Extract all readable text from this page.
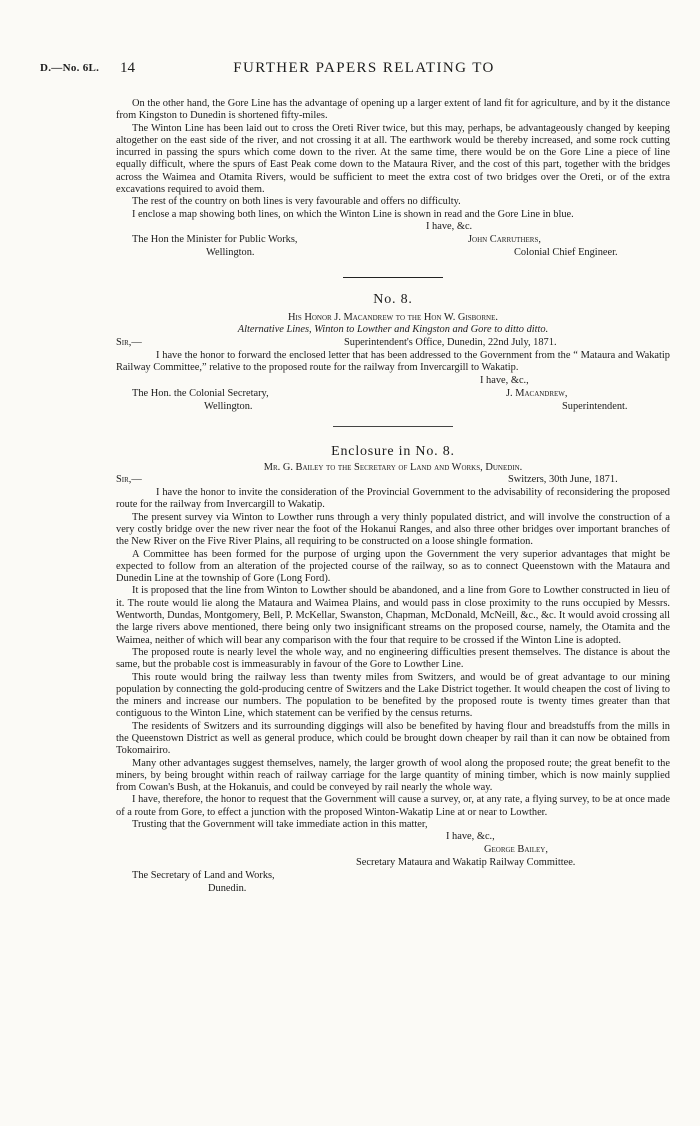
D.—No. 6L. 14	FURTHER PAPERS RELATING TO

On the other hand, the Gore Line has the advantage of opening up a larger extent of land fit for agriculture, and by it the distance from Kingston to Dunedin is shortened fifty-miles.

The Winton Line has been laid out to cross the Oreti River twice, but this may, perhaps, be advantageously changed by keeping altogether on the east side of the river, and not crossing it at all. The earthwork would be thereby increased, and some rock cutting incurred in passing the spurs which come down to the river. At the same time, there would be on the Gore Line a piece of line equally difficult, where the spurs of East Peak come down to the Mataura River, and the cost of this part, together with the bridges across the Waimea and Otamita Rivers, would be sufficient to meet the extra cost of two bridges over the Oreti, or of the extra excavations required to avoid them.

The rest of the country on both lines is very favourable and offers no difficulty.

I enclose a map showing both lines, on which the Winton Line is shown in read and the Gore Line in blue.

I have, &c.
The Hon the Minister for Public Works,	John Carruthers,
Wellington.	Colonial Chief Engineer.
No. 8.
His Honor J. Macandrew to the Hon W. Gisborne.
Alternative Lines, Winton to Lowther and Kingston and Gore to ditto ditto.
Sir,—	Superintendent's Office, Dunedin, 22nd July, 1871.

I have the honor to forward the enclosed letter that has been addressed to the Government from the “ Mataura and Wakatip Railway Committee,” relative to the proposed route for the railway from Invercargill to Wakatip.

I have, &c.,
The Hon. the Colonial Secretary,	J. Macandrew,
Wellington.	Superintendent.
Enclosure in No. 8.
Mr. G. Bailey to the Secretary of Land and Works, Dunedin.
Sir,—	Switzers, 30th June, 1871.

I have the honor to invite the consideration of the Provincial Government to the advisability of reconsidering the proposed route for the railway from Invercargill to Wakatip.

The present survey via Winton to Lowther runs through a very thinly populated district, and will involve the construction of a very costly bridge over the new river near the foot of the Hokanui Ranges, and also three other bridges over important branches of the New River on the Five River Plains, all requiring to be constructed on a loose shingle formation.

A Committee has been formed for the purpose of urging upon the Government the very superior advantages that might be expected to follow from an alteration of the projected course of the railway, so as to connect Queenstown with the Mataura and Dunedin Line at the township of Gore (Long Ford).

It is proposed that the line from Winton to Lowther should be abandoned, and a line from Gore to Lowther constructed in lieu of it. The route would lie along the Mataura and Waimea Plains, and would pass in close proximity to the runs occupied by Messrs. Wentworth, Dundas, Montgomery, Bell, P. McKellar, Swanston, Chapman, McDonald, McNeill, &c., &c. It would avoid crossing all the large rivers above mentioned, there being only two insignificant streams on the proposed course, namely, the Otamita and the Waimea, neither of which will bear any comparison with the four that require to be crossed if the Winton Line is adopted.

The proposed route is nearly level the whole way, and no engineering difficulties present themselves. The distance is about the same, but the probable cost is immeasurably in favour of the Gore to Lowther Line.

This route would bring the railway less than twenty miles from Switzers, and would be of great advantage to our mining population by connecting the gold-producing centre of Switzers and the Lake District together. It would cheapen the cost of living to the miners and increase our numbers. The population to be benefited by the proposed route is twenty times greater than that contiguous to the Winton Line, which statement can be verified by the census returns.

The residents of Switzers and its surrounding diggings will also be benefited by having flour and breadstuffs from the mills in the Queenstown District as well as general produce, which could be brought down cheaper by rail than it can now be obtained from Tokomairiro.

Many other advantages suggest themselves, namely, the larger growth of wool along the proposed route; the great benefit to the miners, by being brought within reach of railway carriage for the large quantity of mining timber, which is now mainly supplied from Cowan's Bush, at the Hokanuis, and could be conveyed by rail nearly the whole way.

I have, therefore, the honor to request that the Government will cause a survey, or, at any rate, a flying survey, to be at once made of a route from Gore, to effect a junction with the proposed Winton-Wakatip Line at or near to Lowther.

Trusting that the Government will take immediate action in this matter,

I have, &c.,
George Bailey,
Secretary Mataura and Wakatip Railway Committee.
The Secretary of Land and Works,
Dunedin.
